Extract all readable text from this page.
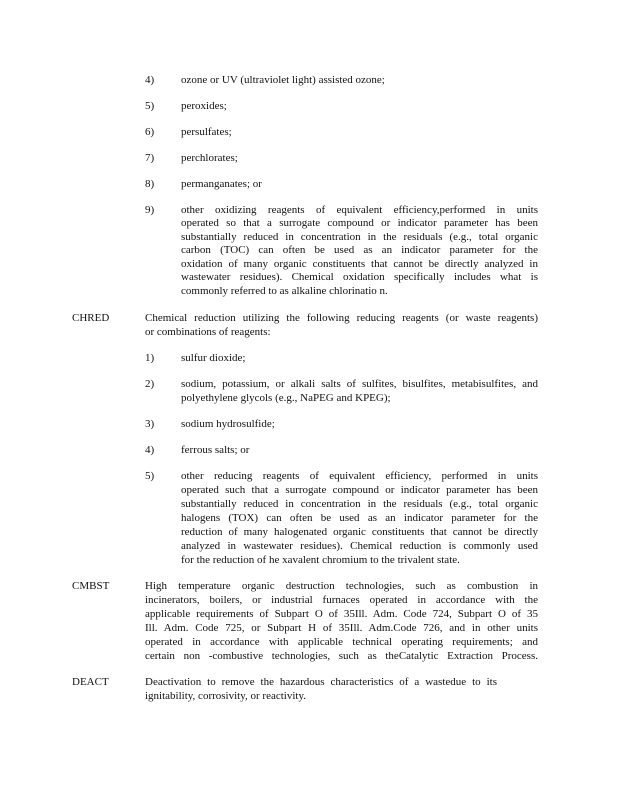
4) ozone or UV (ultraviolet light) assisted ozone;
5) peroxides;
6) persulfates;
7) perchlorates;
8) permanganates; or
9) other oxidizing reagents of equivalent efficiency,performed in units
operated so that a surrogate compound or indicator parameter has been
substantially reduced in concentration in the residuals (e.g., total organic
carbon (TOC) can often be used as an indicator parameter for the
oxidation of many organic constituents that cannot be directly analyzed in
wastewater residues). Chemical oxidation specifically includes what is
commonly referred to as alkaline chlorinatio n.
CHRED	Chemical reduction utilizing the following reducing reagents (or waste reagents)
or combinations of reagents:
1) sulfur dioxide;
2) sodium, potassium, or alkali salts of sulfites, bisulfites, metabisulfites, and
polyethylene glycols (e.g., NaPEG and KPEG);
3) sodium hydrosulfide;
4) ferrous salts; or
5) other reducing reagents of equivalent efficiency, performed in units
operated such that a surrogate compound or indicator parameter has been
substantially reduced in concentration in the residuals (e.g., total organic
halogens (TOX) can often be used as an indicator parameter for the
reduction of many halogenated organic constituents that cannot be directly
analyzed in wastewater residues). Chemical reduction is commonly used
for the reduction of he xavalent chromium to the trivalent state.
CMBST	High temperature organic destruction technologies, such as combustion in
incinerators, boilers, or industrial furnaces operated in accordance with the
applicable requirements of Subpart O of 35Ill. Adm. Code 724, Subpart O of 35
Ill. Adm. Code 725, or Subpart H of 35Ill. Adm.Code 726, and in other units
operated in accordance with applicable technical operating requirements; and
certain non -combustive technologies, such as theCatalytic Extraction Process.
DEACT	Deactivation to remove the hazardous characteristics of a wastedue to its
ignitability, corrosivity, or reactivity.
